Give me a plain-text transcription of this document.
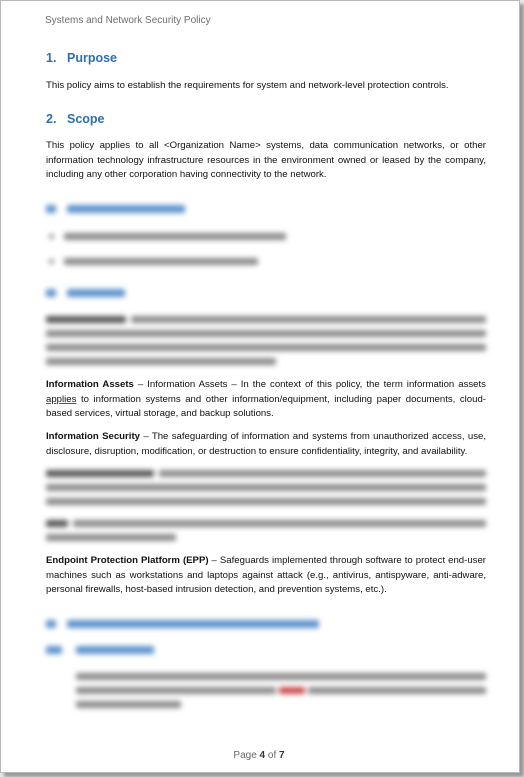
Systems and Network Security Policy
1. Purpose
This policy aims to establish the requirements for system and network-level protection controls.
2. Scope
This policy applies to all <Organization Name> systems, data communication networks, or other information technology infrastructure resources in the environment owned or leased by the company, including any other corporation having connectivity to the network.
Information Assets – Information Assets – In the context of this policy, the term information assets applies to information systems and other information/equipment, including paper documents, cloud-based services, virtual storage, and backup solutions.
Information Security – The safeguarding of information and systems from unauthorized access, use, disclosure, disruption, modification, or destruction to ensure confidentiality, integrity, and availability.
Endpoint Protection Platform (EPP) – Safeguards implemented through software to protect end-user machines such as workstations and laptops against attack (e.g., antivirus, antispyware, anti-adware, personal firewalls, host-based intrusion detection, and prevention systems, etc.).
Page 4 of 7
